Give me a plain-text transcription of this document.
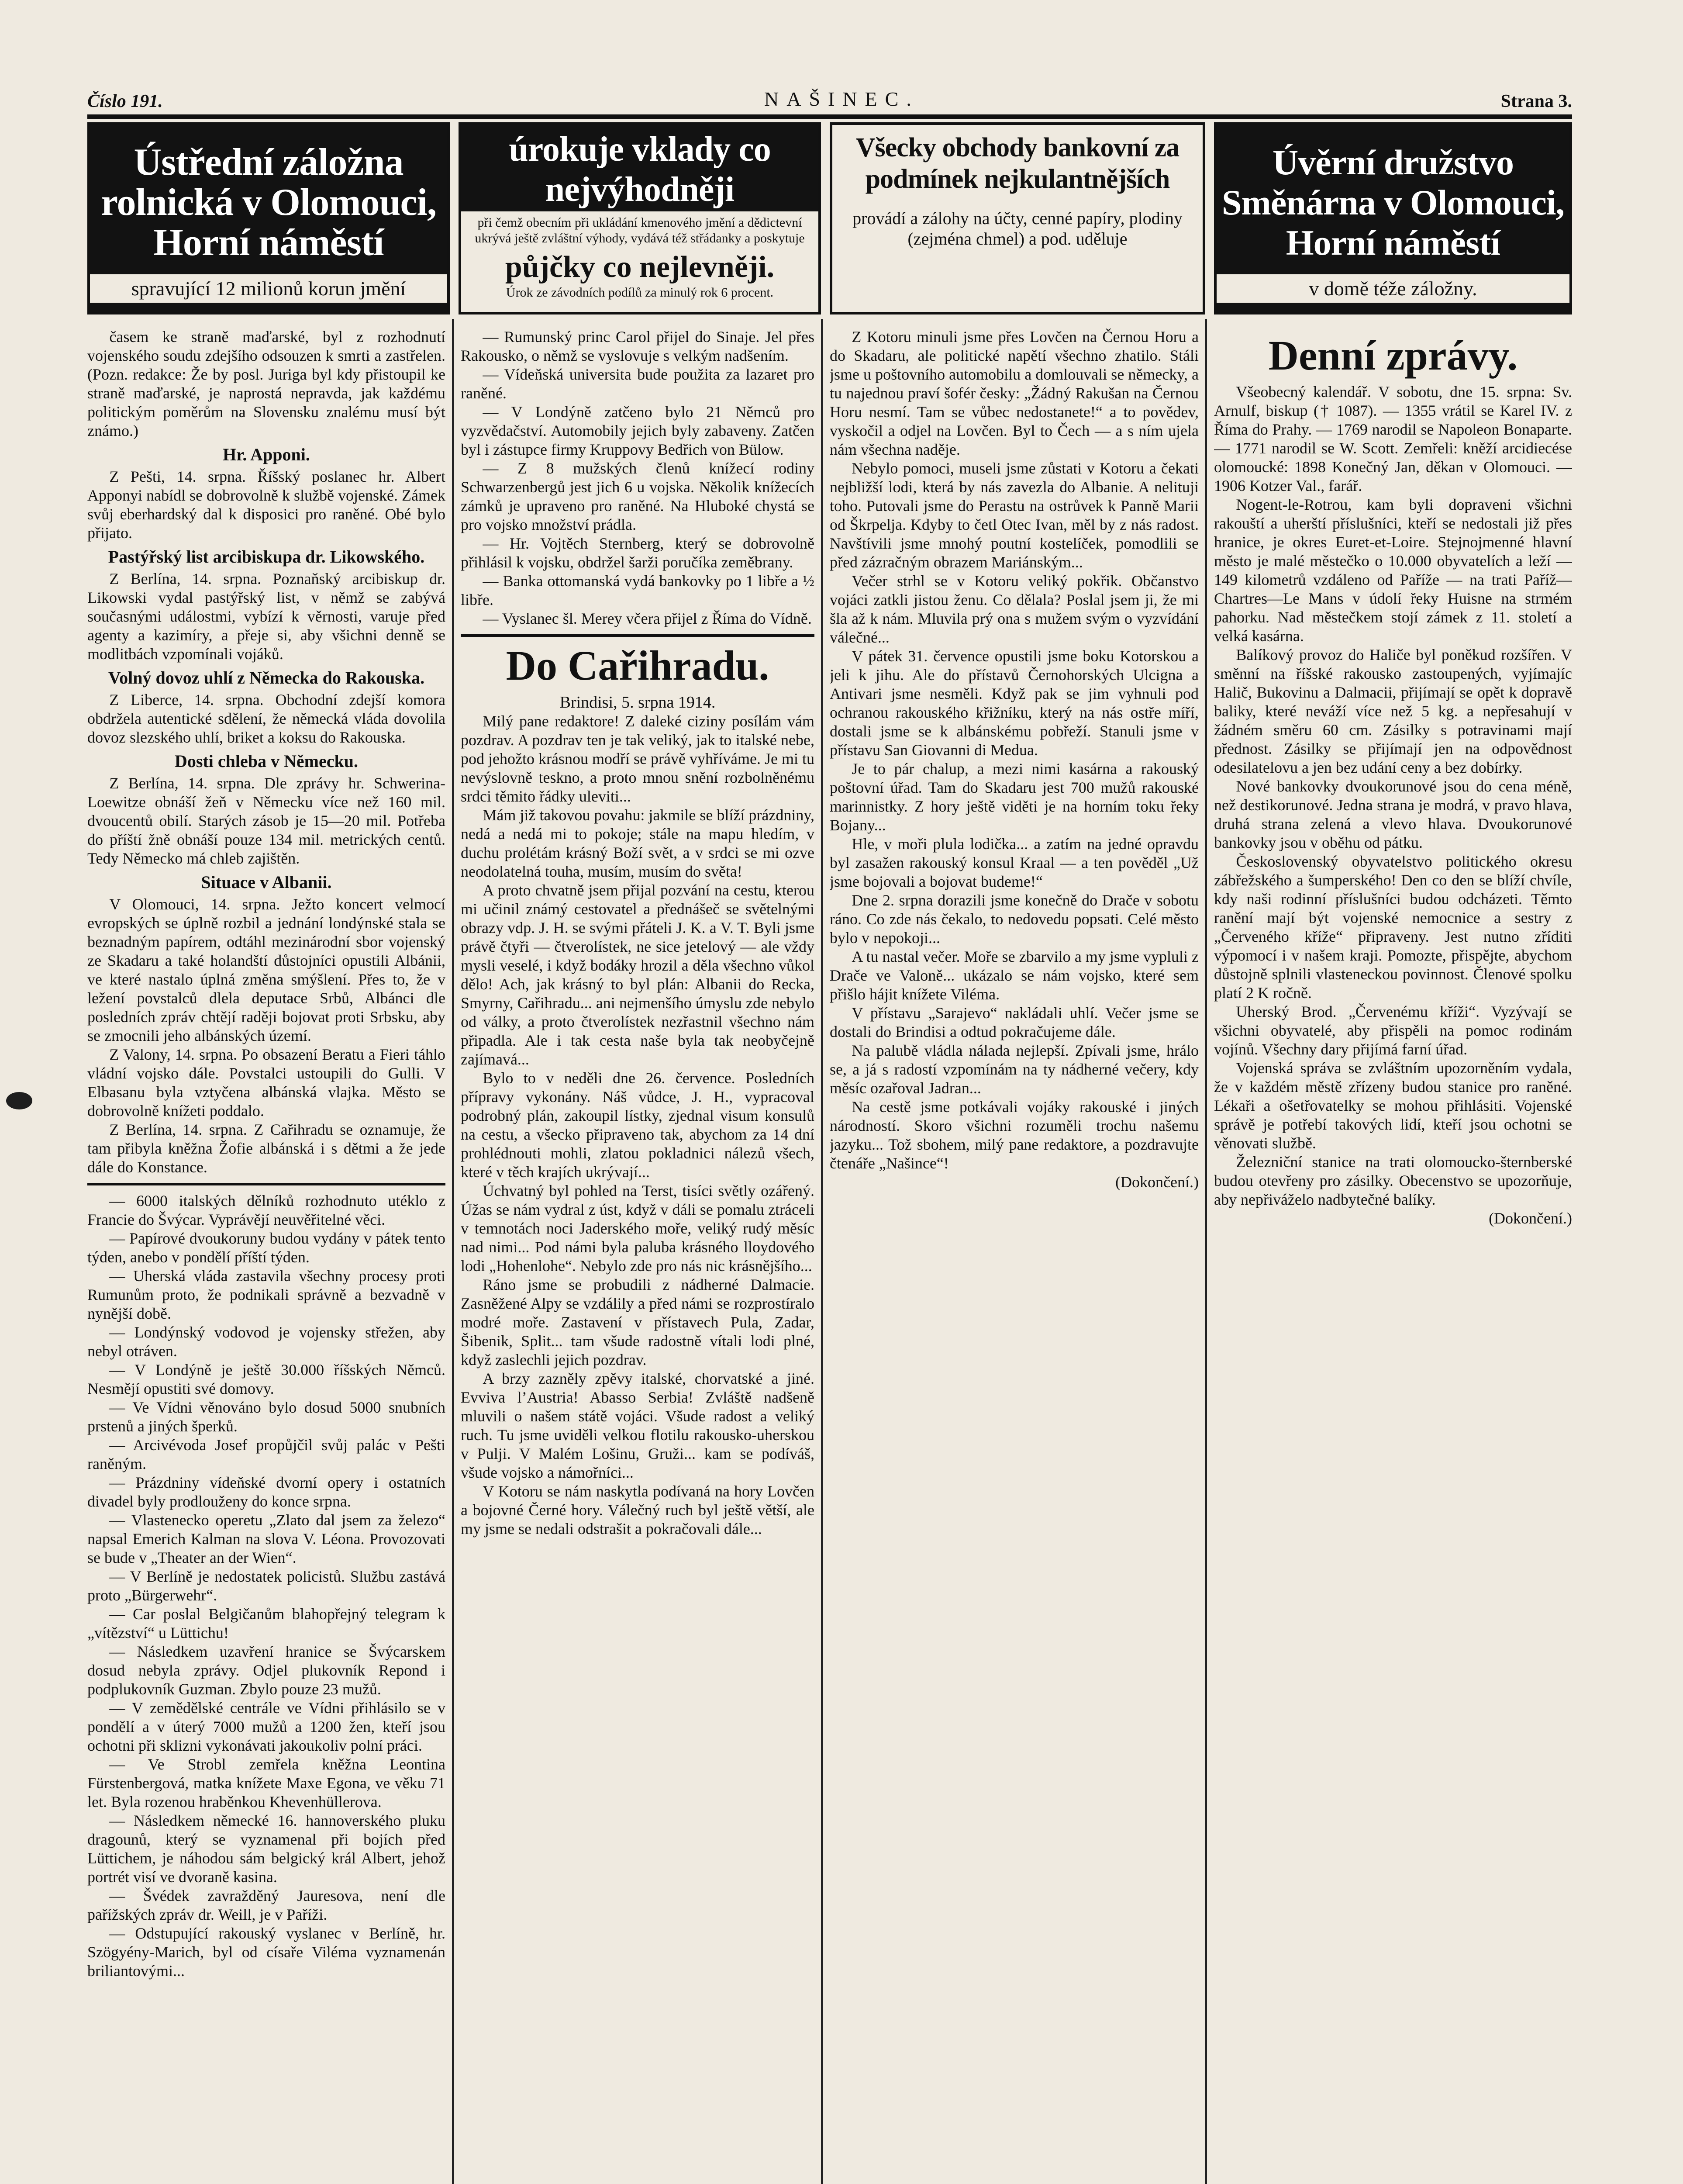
Číslo 191.	NAŠINEC.	Strana 3.
Ústřední záložna rolnická v Olomouci, Horní náměstí
spravující 12 milionů korun jmění
úrokuje vklady co nejvýhodněji
při čemž obecním při ukládání kmenového jmění a dědictevní ukrývá ještě zvláštní výhody, vydává též střádanky a poskytuje
půjčky co nejlevněji.
Úrok ze závodních podílů za minulý rok 6 procent.
Všecky obchody bankovní za podmínek nejkulantnějších
provádí a zálohy na účty, cenné papíry, plodiny (zejména chmel) a pod. uděluje
Úvěrní družstvo Směnárna v Olomouci, Horní náměstí
v domě téže záložny.

časem ke straně maďarské, byl z rozhodnutí vojenského soudu zdejšího odsouzen k smrti a zastřelen. (Pozn. redakce: Že by posl. Juriga byl kdy přistoupil ke straně maďarské, je naprostá nepravda, jak každému politickým poměrům na Slovensku znalému musí být známo.)

Hr. Apponi.

Z Pešti, 14. srpna. Říšský poslanec hr. Albert Apponyi nabídl se dobrovolně k službě vojenské. Zámek svůj eberhardský dal k disposici pro raněné. Obé bylo přijato.

Pastýřský list arcibiskupa dr. Likowského.

Z Berlína, 14. srpna. Poznaňský arcibiskup dr. Likowski vydal pastýřský list, v němž se zabývá současnými událostmi, vybízí k věrnosti, varuje před agenty a kazimíry, a přeje si, aby všichni denně se modlitbách vzpomínali vojáků.

Volný dovoz uhlí z Německa do Rakouska.

Z Liberce, 14. srpna. Obchodní zdejší komora obdržela autentické sdělení, že německá vláda dovolila dovoz slezského uhlí, briket a koksu do Rakouska.

Dosti chleba v Německu.

Z Berlína, 14. srpna. Dle zprávy hr. Schwerina-Loewitze obnáší žeň v Německu více než 160 mil. dvoucentů obilí. Starých zásob je 15—20 mil. Potřeba do příští žně obnáší pouze 134 mil. metrických centů. Tedy Německo má chleb zajištěn.

Situace v Albanii.

V Olomouci, 14. srpna. Ježto koncert velmocí evropských se úplně rozbil a jednání londýnské stala se beznadným papírem, odtáhl mezinárodní sbor vojenský ze Skadaru a také holandští důstojníci opustili Albánii, ve které nastalo úplná změna smýšlení. Přes to, že v ležení povstalců dlela deputace Srbů, Albánci dle posledních zpráv chtějí raději bojovat proti Srbsku, aby se zmocnili jeho albánských území.

Z Valony, 14. srpna. Po obsazení Beratu a Fieri táhlo vládní vojsko dále. Povstalci ustoupili do Gulli. V Elbasanu byla vztyčena albánská vlajka. Město se dobrovolně knížeti poddalo.

Z Berlína, 14. srpna. Z Cařihradu se oznamuje, že tam přibyla kněžna Žofie albánská i s dětmi a že jede dále do Konstance.

— 6000 italských dělníků rozhodnuto utéklo z Francie do Švýcar. Vyprávějí neuvěřitelné věci.

— Papírové dvoukoruny budou vydány v pátek tento týden, anebo v pondělí příští týden.

— Uherská vláda zastavila všechny procesy proti Rumunům proto, že podnikali správně a bezvadně v nynější době.

— Londýnský vodovod je vojensky střežen, aby nebyl otráven.

— V Londýně je ještě 30.000 říšských Němců. Nesmějí opustiti své domovy.

— Ve Vídni věnováno bylo dosud 5000 snubních prstenů a jiných šperků.

— Arcivévoda Josef propůjčil svůj palác v Pešti raněným.

— Prázdniny vídeňské dvorní opery i ostatních divadel byly prodlouženy do konce srpna.

— Vlastenecko operetu „Zlato dal jsem za železo“ napsal Emerich Kalman na slova V. Léona. Provozovati se bude v „Theater an der Wien“.

— V Berlíně je nedostatek policistů. Službu zastává proto „Bürgerwehr“.

— Car poslal Belgičanům blahopřejný telegram k „vítězství“ u Lüttichu!

— Následkem uzavření hranice se Švýcarskem dosud nebyla zprávy. Odjel plukovník Repond i podplukovník Guzman. Zbylo pouze 23 mužů.

— V zemědělské centrále ve Vídni přihlásilo se v pondělí a v úterý 7000 mužů a 1200 žen, kteří jsou ochotni při sklizni vykonávati jakoukoliv polní práci.

— Ve Strobl zemřela kněžna Leontina Fürstenbergová, matka knížete Maxe Egona, ve věku 71 let. Byla rozenou hraběnkou Khevenhüllerova.

— Následkem německé 16. hannoverského pluku dragounů, který se vyznamenal při bojích před Lüttichem, je náhodou sám belgický král Albert, jehož portrét visí ve dvoraně kasina.

— Švédek zavražděný Jauresova, není dle pařížských zpráv dr. Weill, je v Paříži.

— Odstupující rakouský vyslanec v Berlíně, hr. Szögyény-Marich, byl od císaře Viléma vyznamenán briliantovými...

— Rumunský princ Carol přijel do Sinaje. Jel přes Rakousko, o němž se vyslovuje s velkým nadšením.

— Vídeňská universita bude použita za lazaret pro raněné.

— V Londýně zatčeno bylo 21 Němců pro vyzvědačství. Automobily jejich byly zabaveny. Zatčen byl i zástupce firmy Kruppovy Bedřich von Bülow.

— Z 8 mužských členů knížecí rodiny Schwarzenbergů jest jich 6 u vojska. Několik knížecích zámků je upraveno pro raněné. Na Hluboké chystá se pro vojsko množství prádla.

— Hr. Vojtěch Sternberg, který se dobrovolně přihlásil k vojsku, obdržel šarži poručíka zeměbrany.

— Banka ottomanská vydá bankovky po 1 libře a ½ libře.

— Vyslanec šl. Merey včera přijel z Říma do Vídně.

Do Cařihradu.
Brindisi, 5. srpna 1914.

Milý pane redaktore! Z daleké ciziny posílám vám pozdrav. A pozdrav ten je tak veliký, jak to italské nebe, pod jehožto krásnou modří se právě vyhříváme. Je mi tu nevýslovně teskno, a proto mnou snění rozbolněnému srdci těmito řádky uleviti...

Mám již takovou povahu: jakmile se blíží prázdniny, nedá a nedá mi to pokoje; stále na mapu hledím, v duchu prolétám krásný Boží svět, a v srdci se mi ozve neodolatelná touha, musím, musím do světa!

A proto chvatně jsem přijal pozvání na cestu, kterou mi učinil známý cestovatel a přednášeč se světelnými obrazy vdp. J. H. se svými přáteli J. K. a V. T. Byli jsme právě čtyři — čtverolístek, ne sice jetelový — ale vždy mysli veselé, i když bodáky hrozil a děla všechno vůkol dělo! Ach, jak krásný to byl plán: Albanii do Recka, Smyrny, Cařihradu... ani nejmenšího úmyslu zde nebylo od války, a proto čtverolístek nezřastnil všechno nám připadla. Ale i tak cesta naše byla tak neobyčejně zajímavá...

Bylo to v neděli dne 26. července. Posledních přípravy vykonány. Náš vůdce, J. H., vypracoval podrobný plán, zakoupil lístky, zjednal visum konsulů na cestu, a všecko připraveno tak, abychom za 14 dní prohlédnouti mohli, zlatou pokladnici nálezů všech, které v těch krajích ukrývají...

Úchvatný byl pohled na Terst, tisíci světly ozářený. Úžas se nám vydral z úst, když v dáli se pomalu ztráceli v temnotách noci Jaderského moře, veliký rudý měsíc nad nimi... Pod námi byla paluba krásného lloydového lodi „Hohenlohe“. Nebylo zde pro nás nic krásnějšího...

Ráno jsme se probudili z nádherné Dalmacie. Zasněžené Alpy se vzdálily a před námi se rozprostíralo modré moře. Zastavení v přístavech Pula, Zadar, Šibenik, Split... tam všude radostně vítali lodi plné, když zaslechli jejich pozdrav.

A brzy zazněly zpěvy italské, chorvatské a jiné. Evviva l’Austria! Abasso Serbia! Zvláště nadšeně mluvili o našem státě vojáci. Všude radost a veliký ruch. Tu jsme uviděli velkou flotilu rakousko-uherskou v Pulji. V Malém Lošinu, Gruži... kam se podíváš, všude vojsko a námořníci...

V Kotoru se nám naskytla podívaná na hory Lovčen a bojovné Černé hory. Válečný ruch byl ještě větší, ale my jsme se nedali odstrašit a pokračovali dále...

Z Kotoru minuli jsme přes Lovčen na Černou Horu a do Skadaru, ale politické napětí všechno zhatilo. Stáli jsme u poštovního automobilu a domlouvali se německy, a tu najednou praví šofér česky: „Žádný Rakušan na Černou Horu nesmí. Tam se vůbec nedostanete!“ a to povědev, vyskočil a odjel na Lovčen. Byl to Čech — a s ním ujela nám všechna naděje.

Nebylo pomoci, museli jsme zůstati v Kotoru a čekati nejbližší lodi, která by nás zavezla do Albanie. A nelituji toho. Putovali jsme do Perastu na ostrůvek k Panně Marii od Škrpelja. Kdyby to četl Otec Ivan, měl by z nás radost. Navštívili jsme mnohý poutní kostelíček, pomodlili se před zázračným obrazem Mariánským...

Večer strhl se v Kotoru veliký pokřik. Občanstvo vojáci zatkli jistou ženu. Co dělala? Poslal jsem ji, že mi šla až k nám. Mluvila prý ona s mužem svým o vyzvídání válečné...

V pátek 31. července opustili jsme boku Kotorskou a jeli k jihu. Ale do přístavů Černohorských Ulcigna a Antivari jsme nesměli. Když pak se jim vyhnuli pod ochranou rakouského křižníku, který na nás ostře míří, dostali jsme se k albánskému pobřeží. Stanuli jsme v přístavu San Giovanni di Medua.

Je to pár chalup, a mezi nimi kasárna a rakouský poštovní úřad. Tam do Skadaru jest 700 mužů rakouské marinnistky. Z hory ještě viděti je na horním toku řeky Bojany...

Hle, v moři plula lodička... a zatím na jedné opravdu byl zasažen rakouský konsul Kraal — a ten pověděl „Už jsme bojovali a bojovat budeme!“

Dne 2. srpna dorazili jsme konečně do Drače v sobotu ráno. Co zde nás čekalo, to nedovedu popsati. Celé město bylo v nepokoji...

A tu nastal večer. Moře se zbarvilo a my jsme vypluli z Drače ve Valoně... ukázalo se nám vojsko, které sem přišlo hájit knížete Viléma.

V přístavu „Sarajevo“ nakládali uhlí. Večer jsme se dostali do Brindisi a odtud pokračujeme dále.

Na palubě vládla nálada nejlepší. Zpívali jsme, hrálo se, a já s radostí vzpomínám na ty nádherné večery, kdy měsíc ozařoval Jadran...

Na cestě jsme potkávali vojáky rakouské i jiných národností. Skoro všichni rozuměli trochu našemu jazyku... Tož sbohem, milý pane redaktore, a pozdravujte čtenáře „Našince“!

(Dokončení.)
Denní zprávy.

Všeobecný kalendář. V sobotu, dne 15. srpna: Sv. Arnulf, biskup († 1087). — 1355 vrátil se Karel IV. z Říma do Prahy. — 1769 narodil se Napoleon Bonaparte. — 1771 narodil se W. Scott. Zemřeli: kněží arcidiecése olomoucké: 1898 Konečný Jan, děkan v Olomouci. — 1906 Kotzer Val., farář.

Nogent-le-Rotrou, kam byli dopraveni všichni rakouští a uherští příslušníci, kteří se nedostali již přes hranice, je okres Euret-et-Loire. Stejnojmenné hlavní město je malé městečko o 10.000 obyvatelích a leží — 149 kilometrů vzdáleno od Paříže — na trati Paříž—Chartres—Le Mans v údolí řeky Huisne na strmém pahorku. Nad městečkem stojí zámek z 11. století a velká kasárna.

Balíkový provoz do Haliče byl poněkud rozšířen. V směnní na říšské rakousko zastoupených, vyjímajíc Halič, Bukovinu a Dalmacii, přijímají se opět k dopravě baliky, které neváží více než 5 kg. a nepřesahují v žádném směru 60 cm. Zásilky s potravinami mají přednost. Zásilky se přijímají jen na odpovědnost odesilatelovu a jen bez udání ceny a bez dobírky.

Nové bankovky dvoukorunové jsou do cena méně, než destikorunové. Jedna strana je modrá, v pravo hlava, druhá strana zelená a vlevo hlava. Dvoukorunové bankovky jsou v oběhu od pátku.

Československý obyvatelstvo politického okresu zábřežského a šumperského! Den co den se blíží chvíle, kdy naši rodinní příslušníci budou odcházeti. Těmto ranění mají být vojenské nemocnice a sestry z „Červeného kříže“ připraveny. Jest nutno zříditi výpomocí i v našem kraji. Pomozte, přispějte, abychom důstojně splnili vlasteneckou povinnost. Členové spolku platí 2 K ročně.

Uherský Brod. „Červenému kříži“. Vyzývají se všichni obyvatelé, aby přispěli na pomoc rodinám vojínů. Všechny dary přijímá farní úřad.

Vojenská správa se zvláštním upozorněním vydala, že v každém městě zřízeny budou stanice pro raněné. Lékaři a ošetřovatelky se mohou přihlásiti. Vojenské správě je potřebí takových lidí, kteří jsou ochotni se věnovati službě.

Železniční stanice na trati olomoucko-šternberské budou otevřeny pro zásilky. Obecenstvo se upozorňuje, aby nepřiváželo nadbytečné balíky.

(Dokončení.)
